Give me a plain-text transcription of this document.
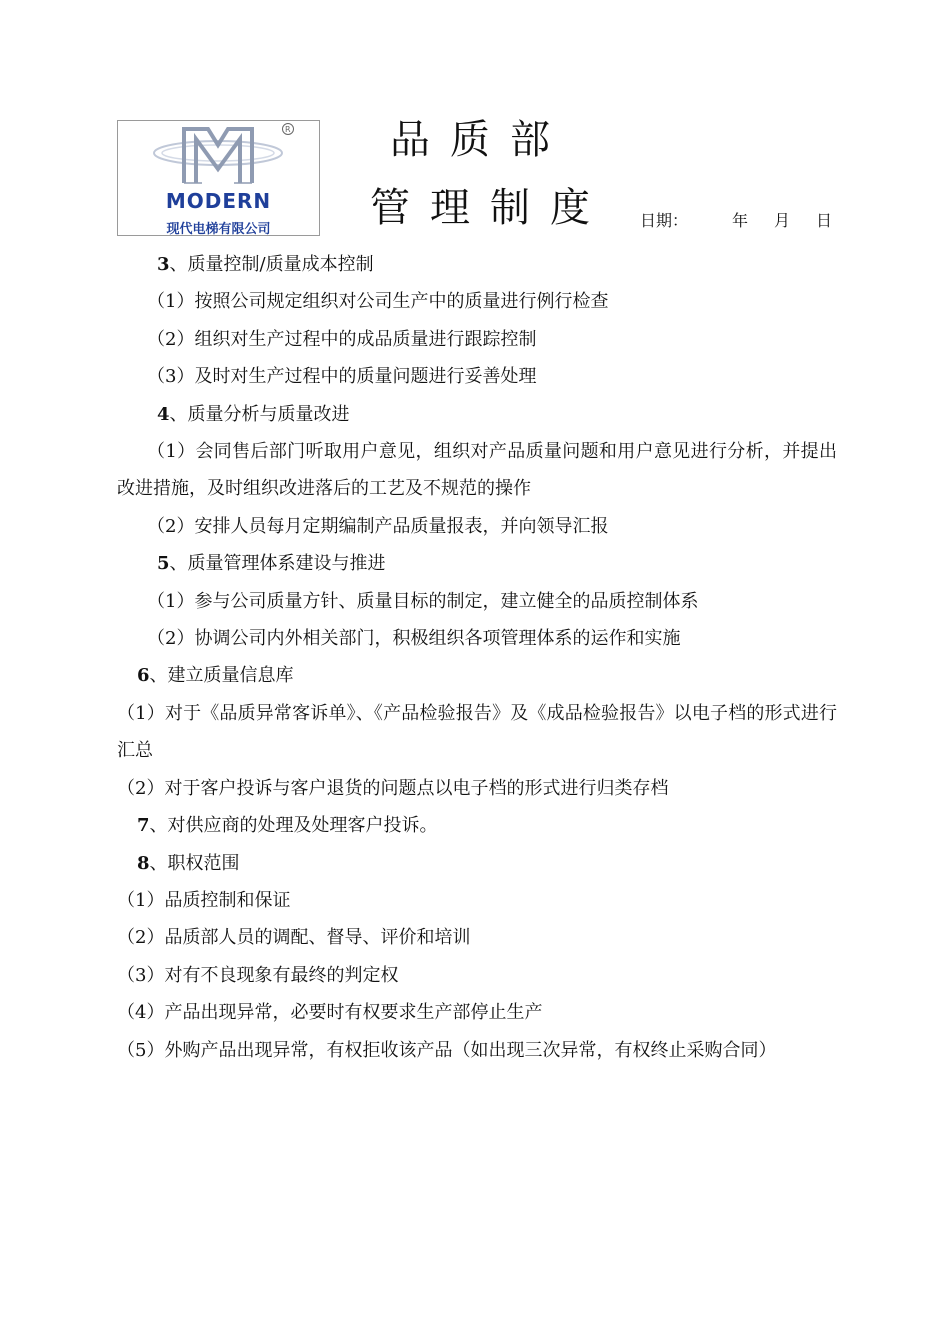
R
MODERN
现代电梯有限公司
品质部
管理制度 日期：	年 月 日
3、质量控制/质量成本控制
（1）按照公司规定组织对公司生产中的质量进行例行检查
（2）组织对生产过程中的成品质量进行跟踪控制
（3）及时对生产过程中的质量问题进行妥善处理
4、质量分析与质量改进
（1）会同售后部门听取用户意见，组织对产品质量问题和用户意见进行分析，并提出改进措施，及时组织改进落后的工艺及不规范的操作
（2）安排人员每月定期编制产品质量报表，并向领导汇报
5、质量管理体系建设与推进
（1）参与公司质量方针、质量目标的制定，建立健全的品质控制体系
（2）协调公司内外相关部门，积极组织各项管理体系的运作和实施
6、建立质量信息库
（1）对于《品质异常客诉单》、《产品检验报告》及《成品检验报告》以电子档的形式进行汇总
（2）对于客户投诉与客户退货的问题点以电子档的形式进行归类存档
7、对供应商的处理及处理客户投诉。
8、职权范围
（1）品质控制和保证
（2）品质部人员的调配、督导、评价和培训
（3）对有不良现象有最终的判定权
（4）产品出现异常，必要时有权要求生产部停止生产
（5）外购产品出现异常，有权拒收该产品（如出现三次异常，有权终止采购合同）
